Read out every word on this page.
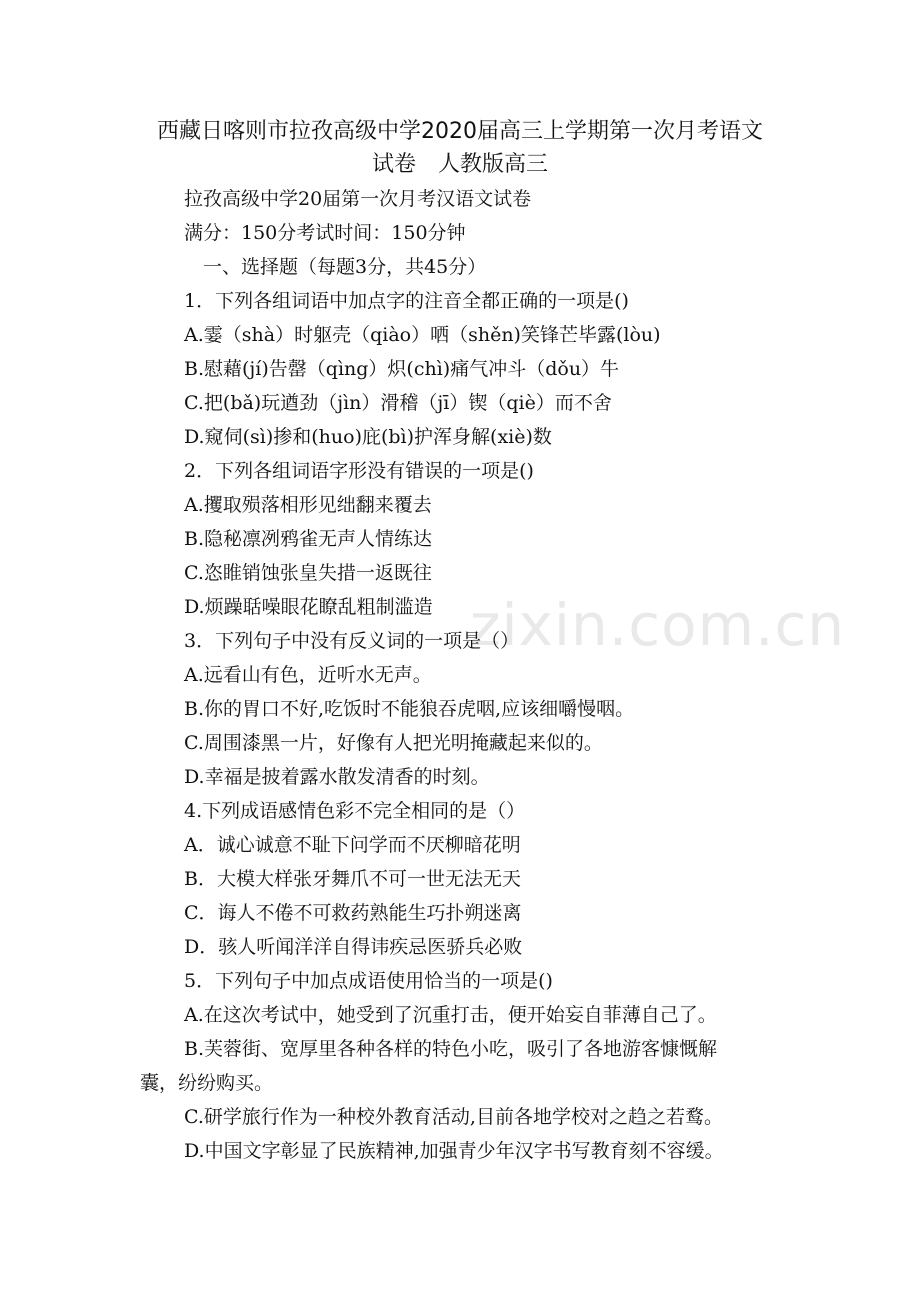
zixin.com.cn
西藏日喀则市拉孜高级中学2020届高三上学期第一次月考语文
试卷　人教版高三
拉孜高级中学20届第一次月考汉语文试卷
满分：150分考试时间：150分钟
　一、选择题（每题3分，共45分）
1．下列各组词语中加点字的注音全都正确的一项是()
A.霎（shà）时躯壳（qiào）哂（shěn)笑锋芒毕露(lòu)
B.慰藉(jí)告罄（qìng）炽(chì)痛气冲斗（dǒu）牛
C.把(bǎ)玩遒劲（jìn）滑稽（jī）锲（qiè）而不舍
D.窥伺(sì)掺和(huo)庇(bì)护浑身解(xiè)数
2．下列各组词语字形没有错误的一项是()
A.攫取殒落相形见绌翻来覆去
B.隐秘凛冽鸦雀无声人情练达
C.恣睢销蚀张皇失措一返既往
D.烦躁聒噪眼花瞭乱粗制滥造
3．下列句子中没有反义词的一项是（）
A.远看山有色，近听水无声。
B.你的胃口不好,吃饭时不能狼吞虎咽,应该细嚼慢咽。
C.周围漆黑一片，好像有人把光明掩藏起来似的。
D.幸福是披着露水散发清香的时刻。
4.下列成语感情色彩不完全相同的是（）
A．诚心诚意不耻下问学而不厌柳暗花明
B．大模大样张牙舞爪不可一世无法无天
C．诲人不倦不可救药熟能生巧扑朔迷离
D．骇人听闻洋洋自得讳疾忌医骄兵必败
5．下列句子中加点成语使用恰当的一项是()
A.在这次考试中，她受到了沉重打击，便开始妄自菲薄自己了。
B.芙蓉街、宽厚里各种各样的特色小吃，吸引了各地游客慷慨解
囊，纷纷购买。
C.研学旅行作为一种校外教育活动,目前各地学校对之趋之若鹜。
D.中国文字彰显了民族精神,加强青少年汉字书写教育刻不容缓。
